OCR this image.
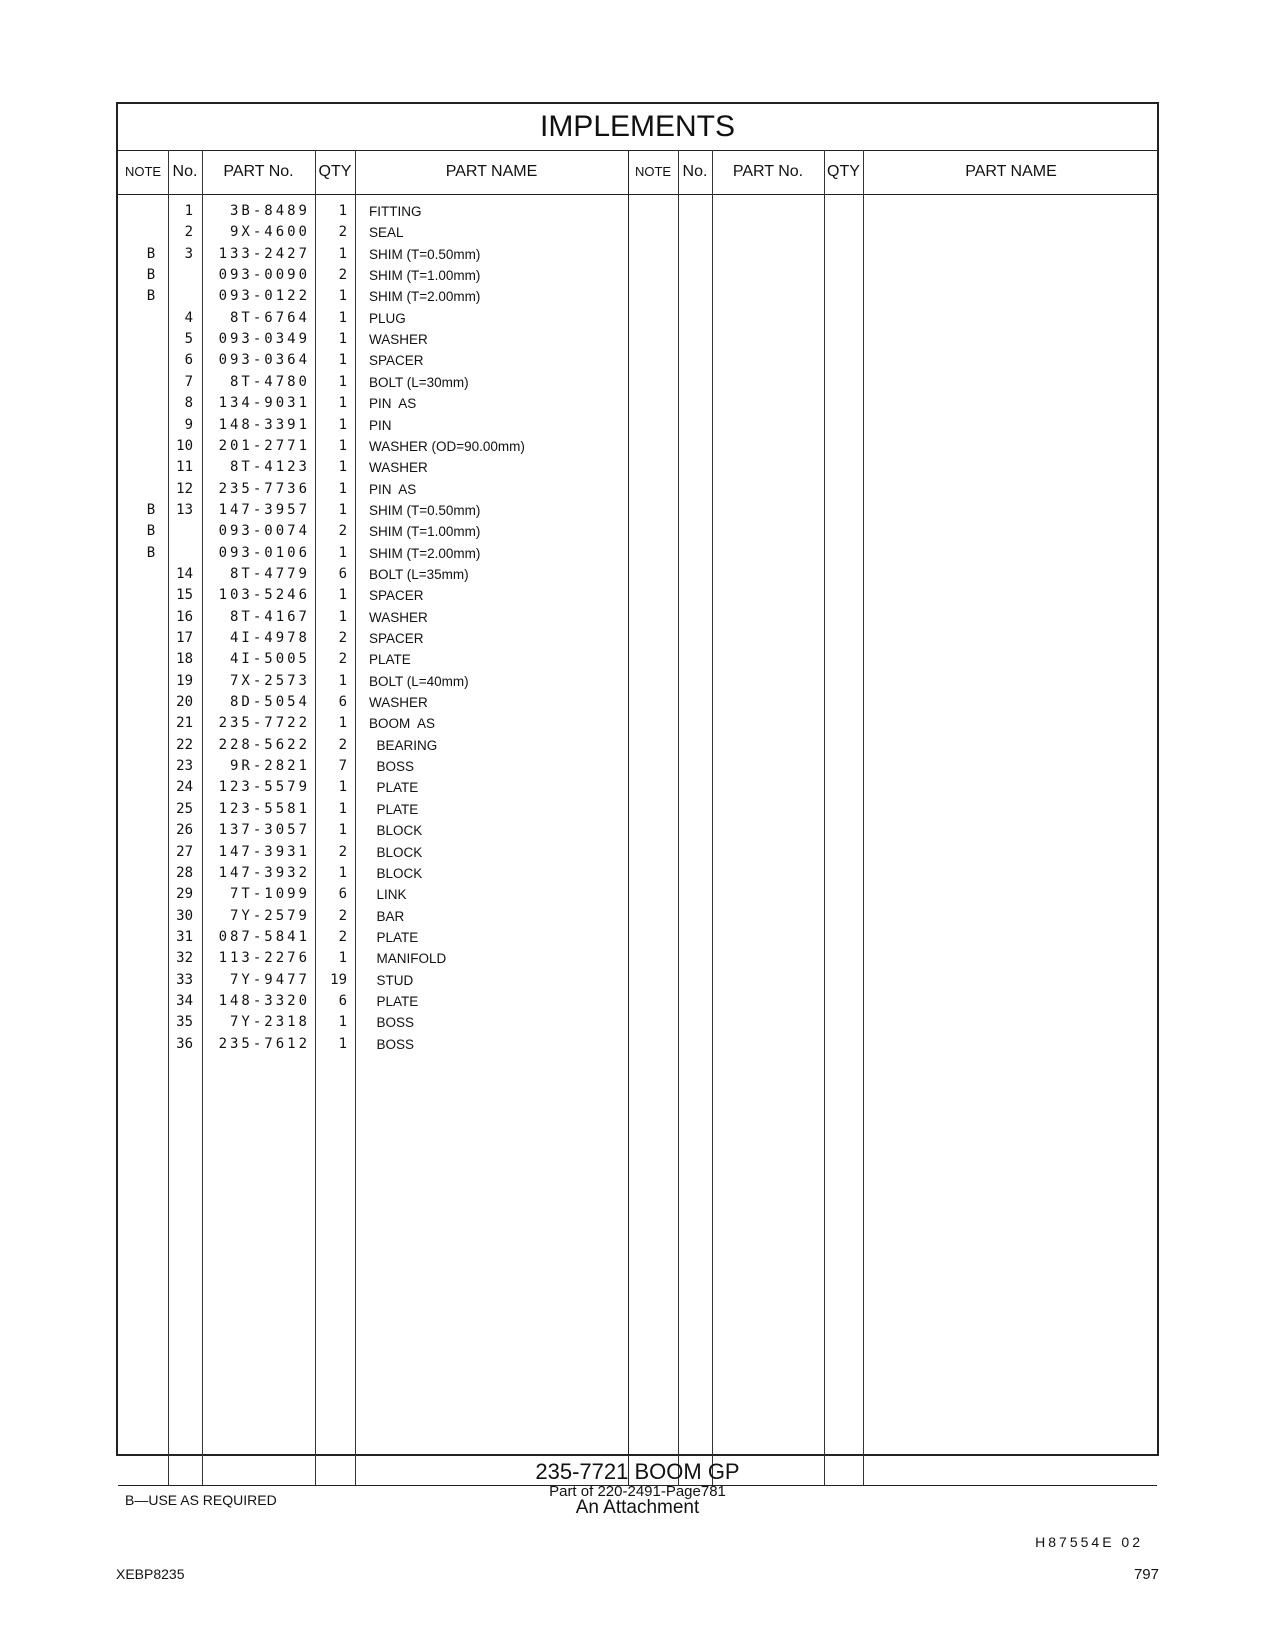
IMPLEMENTS
NOTE No.	PART No.	QTY	PART NAME	NOTE No.	PART No.	QTY	PART NAME
1	3B-8489	1 FITTING
2	9X-4600	2 SEAL
B	3	133-2427	1 SHIM (T=0.50mm)
B	093-0090	2 SHIM (T=1.00mm)
B	093-0122	1 SHIM (T=2.00mm)
4	8T-6764	1 PLUG
5	093-0349	1 WASHER
6	093-0364	1 SPACER
7	8T-4780	1 BOLT (L=30mm)
8	134-9031	1 PIN  AS
9	148-3391	1 PIN
10	201-2771	1 WASHER (OD=90.00mm)
11	8T-4123	1 WASHER
12	235-7736	1 PIN  AS
B	13	147-3957	1 SHIM (T=0.50mm)
B	093-0074	2 SHIM (T=1.00mm)
B	093-0106	1 SHIM (T=2.00mm)
14	8T-4779	6 BOLT (L=35mm)
15	103-5246	1 SPACER
16	8T-4167	1 WASHER
17	4I-4978	2 SPACER
18	4I-5005	2 PLATE
19	7X-2573	1 BOLT (L=40mm)
20	8D-5054	6 WASHER
21	235-7722	1 BOOM  AS
22	228-5622	2 BEARING
23	9R-2821	7 BOSS
24	123-5579	1 PLATE
25	123-5581	1 PLATE
26	137-3057	1 BLOCK
27	147-3931	2 BLOCK
28	147-3932	1 BLOCK
29	7T-1099	6 LINK
30	7Y-2579	2 BAR
31	087-5841	2 PLATE
32	113-2276	1 MANIFOLD
33	7Y-9477	19 STUD
34	148-3320	6 PLATE
35	7Y-2318	1 BOSS
36	235-7612	1 BOSS
B—USE AS REQUIRED
H87554E 02
235-7721 BOOM GP
Part of 220-2491-Page781
An Attachment
XEBP8235	797
